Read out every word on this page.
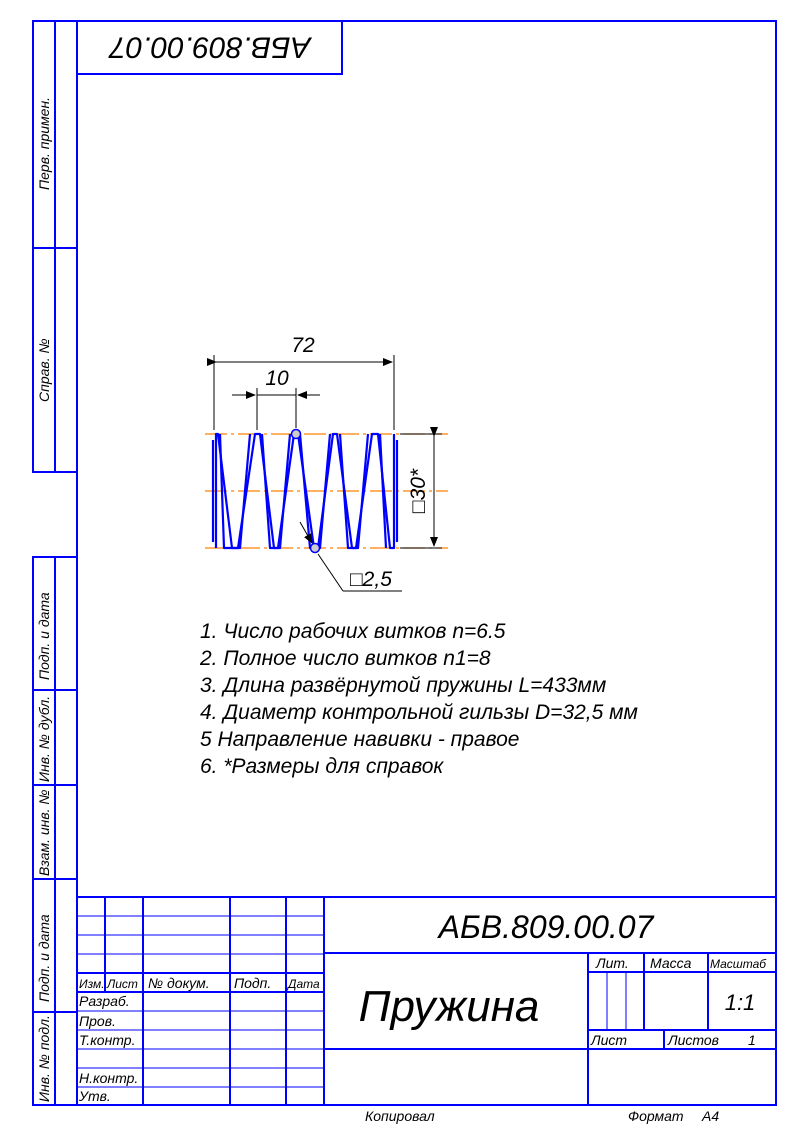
АБВ.809.00.07
Перв. примен.
Справ. №
Подп. и дата
Инв. № дубл.
Взам. инв. №
Подп. и дата
Инв. № подл.
72
10
□30*
□2,5
АБВ.809.00.07
Пружина
Изм. Лист № докум. Подп. Дата
Разраб.
Пров.
Т.контр.
Н.контр.
Утв.
Лит. Масса Масштаб
1:1
Лист	Листов 1
Копировал	Формат A4
1. Число рабочих витков n=6.5
2. Полное число витков n1=8
3. Длина развёрнутой пружины L=433мм
4. Диаметр контрольной гильзы D=32,5 мм
5 Направление навивки - правое
6. *Размеры для справок
